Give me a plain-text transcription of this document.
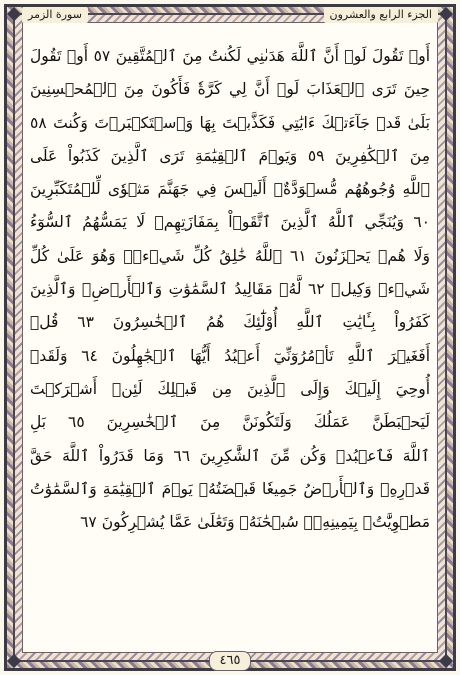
سورة الزمر	الجزء الرابع والعشرون
أَوۡ تَقُولَ لَوۡ أَنَّ ٱللَّهَ هَدَىٰنِي لَكُنتُ مِنَ ٱلۡمُتَّقِينَ ٥٧ أَوۡ تَقُولَ
حِينَ تَرَى ٱلۡعَذَابَ لَوۡ أَنَّ لِي كَرَّةٗ فَأَكُونَ مِنَ ٱلۡمُحۡسِنِينَ
بَلَىٰ قَدۡ جَآءَتۡكَ ءَايَٰتِي فَكَذَّبۡتَ بِهَا وَٱسۡتَكۡبَرۡتَ وَكُنتَ ٥٨
مِنَ ٱلۡكَٰفِرِينَ ٥٩ وَيَوۡمَ ٱلۡقِيَٰمَةِ تَرَى ٱلَّذِينَ كَذَبُواْ عَلَى
ٱللَّهِ وُجُوهُهُم مُّسۡوَدَّةٌۚ أَلَيۡسَ فِي جَهَنَّمَ مَثۡوٗى لِّلۡمُتَكَبِّرِينَ
٦٠ وَيُنَجِّي ٱللَّهُ ٱلَّذِينَ ٱتَّقَوۡاْ بِمَفَازَتِهِمۡ لَا يَمَسُّهُمُ ٱلسُّوٓءُ
وَلَا هُمۡ يَحۡزَنُونَ ٦١ ٱللَّهُ خَٰلِقُ كُلِّ شَيۡءٖۖ وَهُوَ عَلَىٰ كُلِّ
شَيۡءٖ وَكِيلٞ ٦٢ لَّهُۥ مَقَالِيدُ ٱلسَّمَٰوَٰتِ وَٱلۡأَرۡضِۗ وَٱلَّذِينَ
كَفَرُواْ بِـَٔايَٰتِ ٱللَّهِ أُوْلَٰٓئِكَ هُمُ ٱلۡخَٰسِرُونَ ٦٣ قُلۡ
أَفَغَيۡرَ ٱللَّهِ تَأۡمُرُوٓنِّيٓ أَعۡبُدُ أَيُّهَا ٱلۡجَٰهِلُونَ ٦٤ وَلَقَدۡ
أُوحِيَ إِلَيۡكَ وَإِلَى ٱلَّذِينَ مِن قَبۡلِكَ لَئِنۡ أَشۡرَكۡتَ
لَيَحۡبَطَنَّ عَمَلُكَ وَلَتَكُونَنَّ مِنَ ٱلۡخَٰسِرِينَ ٦٥ بَلِ
ٱللَّهَ فَٱعۡبُدۡ وَكُن مِّنَ ٱلشَّٰكِرِينَ ٦٦ وَمَا قَدَرُواْ ٱللَّهَ حَقَّ
قَدۡرِهِۦ وَٱلۡأَرۡضُ جَمِيعٗا قَبۡضَتُهُۥ يَوۡمَ ٱلۡقِيَٰمَةِ وَٱلسَّمَٰوَٰتُ
مَطۡوِيَّٰتُۢ بِيَمِينِهِۦۚ سُبۡحَٰنَهُۥ وَتَعَٰلَىٰ عَمَّا يُشۡرِكُونَ ٦٧
٤٦٥
